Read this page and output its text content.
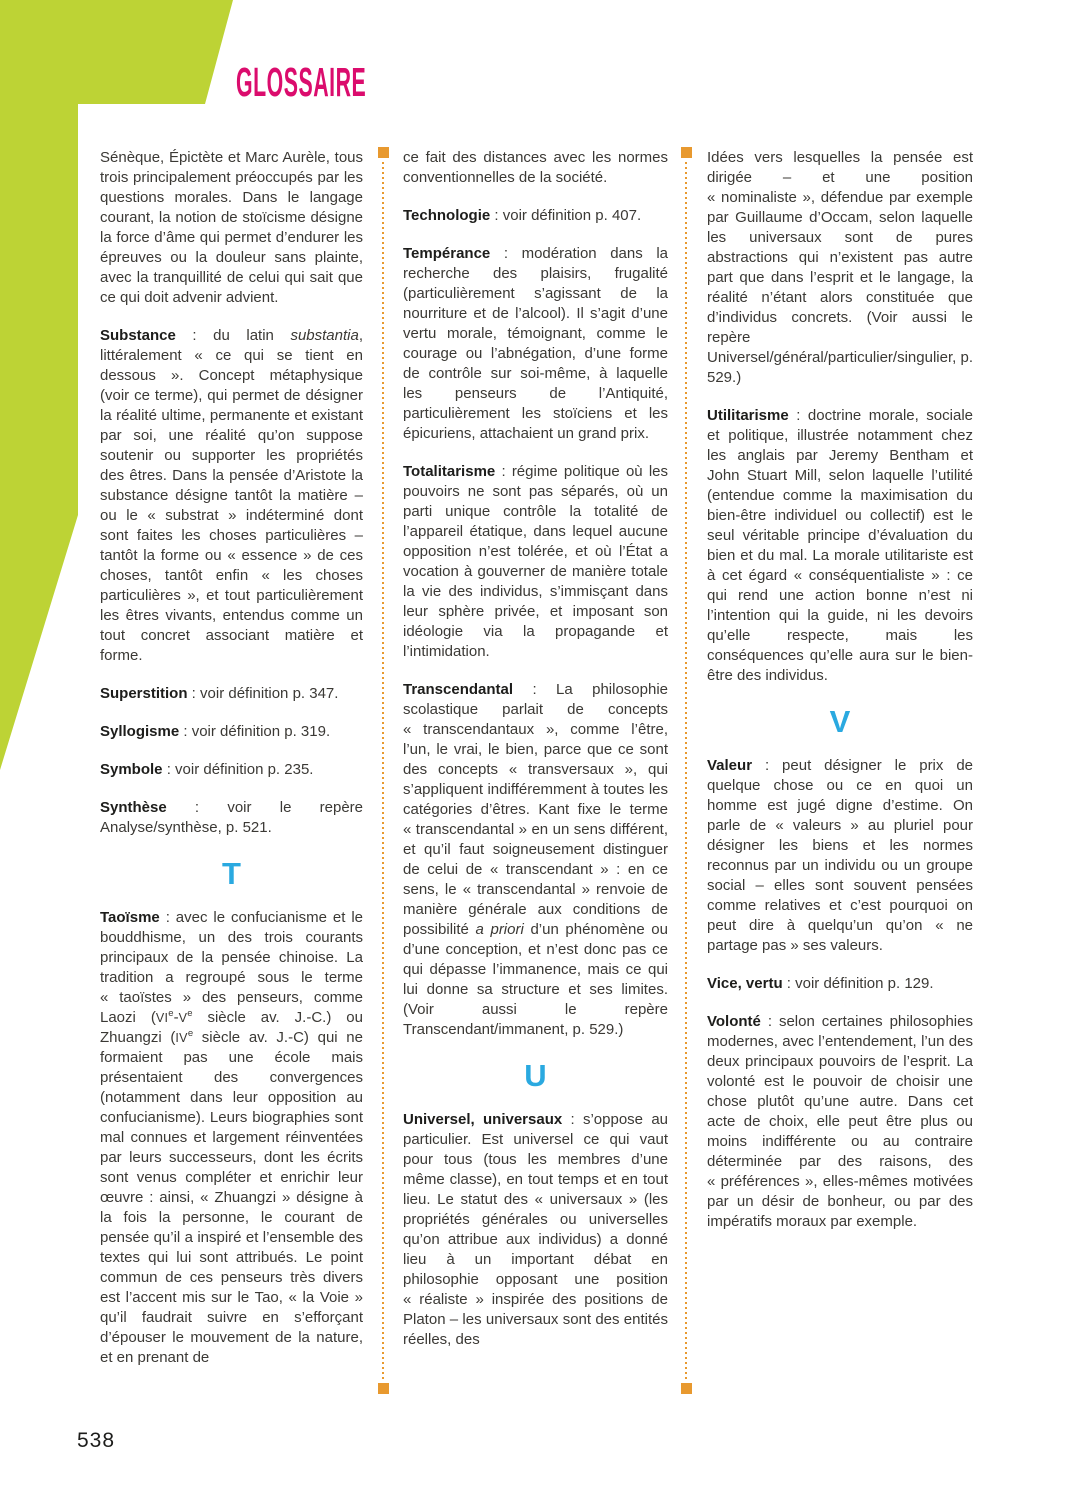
GLOSSAIRE

Sénèque, Épictète et Marc Aurèle, tous trois principalement préoccupés par les questions morales. Dans le langage courant, la notion de stoïcisme désigne la force d’âme qui permet d’endurer les épreuves ou la douleur sans plainte, avec la tranquillité de celui qui sait que ce qui doit advenir advient.

Substance : du latin substantia, littéralement « ce qui se tient en dessous ». Concept métaphysique (voir ce terme), qui permet de désigner la réalité ultime, permanente et existant par soi, une réalité qu’on suppose soutenir ou supporter les propriétés des êtres. Dans la pensée d’Aristote la substance désigne tantôt la matière – ou le « substrat » indéterminé dont sont faites les choses particulières – tantôt la forme ou « essence » de ces choses, tantôt enfin « les choses particulières », et tout particulièrement les êtres vivants, entendus comme un tout concret associant matière et forme.

Superstition : voir définition p. 347.

Syllogisme : voir définition p. 319.

Symbole : voir définition p. 235.

Synthèse : voir le repère Analyse/synthèse, p. 521.

T

Taoïsme : avec le confucianisme et le bouddhisme, un des trois courants principaux de la pensée chinoise. La tradition a regroupé sous le terme « taoïstes » des penseurs, comme Laozi (VIe-Ve siècle av. J.-C.) ou Zhuangzi (IVe siècle av. J.-C) qui ne formaient pas une école mais présentaient des convergences (notamment dans leur opposition au confucianisme). Leurs biographies sont mal connues et largement réinventées par leurs successeurs, dont les écrits sont venus compléter et enrichir leur œuvre : ainsi, « Zhuangzi » désigne à la fois la personne, le courant de pensée qu’il a inspiré et l’ensemble des textes qui lui sont attribués. Le point commun de ces penseurs très divers est l’accent mis sur le Tao, « la Voie » qu’il faudrait suivre en s’efforçant d’épouser le mouvement de la nature, et en prenant de

ce fait des distances avec les normes conventionnelles de la société.

Technologie : voir définition p. 407.

Tempérance : modération dans la recherche des plaisirs, frugalité (particulièrement s’agissant de la nourriture et de l’alcool). Il s’agit d’une vertu morale, témoignant, comme le courage ou l’abnégation, d’une forme de contrôle sur soi-même, à laquelle les penseurs de l’Antiquité, particulièrement les stoïciens et les épicuriens, attachaient un grand prix.

Totalitarisme : régime politique où les pouvoirs ne sont pas séparés, où un parti unique contrôle la totalité de l’appareil étatique, dans lequel aucune opposition n’est tolérée, et où l’État a vocation à gouverner de manière totale la vie des individus, s’immisçant dans leur sphère privée, et imposant son idéologie via la propagande et l’intimidation.

Transcendantal : La philosophie scolastique parlait de concepts « transcendantaux », comme l’être, l’un, le vrai, le bien, parce que ce sont des concepts « transversaux », qui s’appliquent indifféremment à toutes les catégories d’êtres. Kant fixe le terme « transcendantal » en un sens différent, et qu’il faut soigneusement distinguer de celui de « transcendant » : en ce sens, le « transcendantal » renvoie de manière générale aux conditions de possibilité a priori d’un phénomène ou d’une conception, et n’est donc pas ce qui dépasse l’immanence, mais ce qui lui donne sa structure et ses limites. (Voir aussi le repère Transcendant/immanent, p. 529.)

U

Universel, universaux : s’oppose au particulier. Est universel ce qui vaut pour tous (tous les membres d’une même classe), en tout temps et en tout lieu. Le statut des « universaux » (les propriétés générales ou universelles qu’on attribue aux individus) a donné lieu à un important débat en philosophie opposant une position « réaliste » inspirée des positions de Platon – les universaux sont des entités réelles, des

Idées vers lesquelles la pensée est dirigée – et une position « nominaliste », défendue par exemple par Guillaume d’Occam, selon laquelle les universaux sont de pures abstractions qui n’existent pas autre part que dans l’esprit et le langage, la réalité n’étant alors constituée que d’individus concrets. (Voir aussi le repère Universel/général/particulier/singulier, p. 529.)

Utilitarisme : doctrine morale, sociale et politique, illustrée notamment chez les anglais par Jeremy Bentham et John Stuart Mill, selon laquelle l’utilité (entendue comme la maximisation du bien-être individuel ou collectif) est le seul véritable principe d’évaluation du bien et du mal. La morale utilitariste est à cet égard « conséquentialiste » : ce qui rend une action bonne n’est ni l’intention qui la guide, ni les devoirs qu’elle respecte, mais les conséquences qu’elle aura sur le bien-être des individus.

V

Valeur : peut désigner le prix de quelque chose ou ce en quoi un homme est jugé digne d’estime. On parle de « valeurs » au pluriel pour désigner les biens et les normes reconnus par un individu ou un groupe social – elles sont souvent pensées comme relatives et c’est pourquoi on peut dire à quelqu’un qu’on « ne partage pas » ses valeurs.

Vice, vertu : voir définition p. 129.

Volonté : selon certaines philosophies modernes, avec l’entendement, l’un des deux principaux pouvoirs de l’esprit. La volonté est le pouvoir de choisir une chose plutôt qu’une autre. Dans cet acte de choix, elle peut être plus ou moins indifférente ou au contraire déterminée par des raisons, des « préférences », elles-mêmes motivées par un désir de bonheur, ou par des impératifs moraux par exemple.

538
